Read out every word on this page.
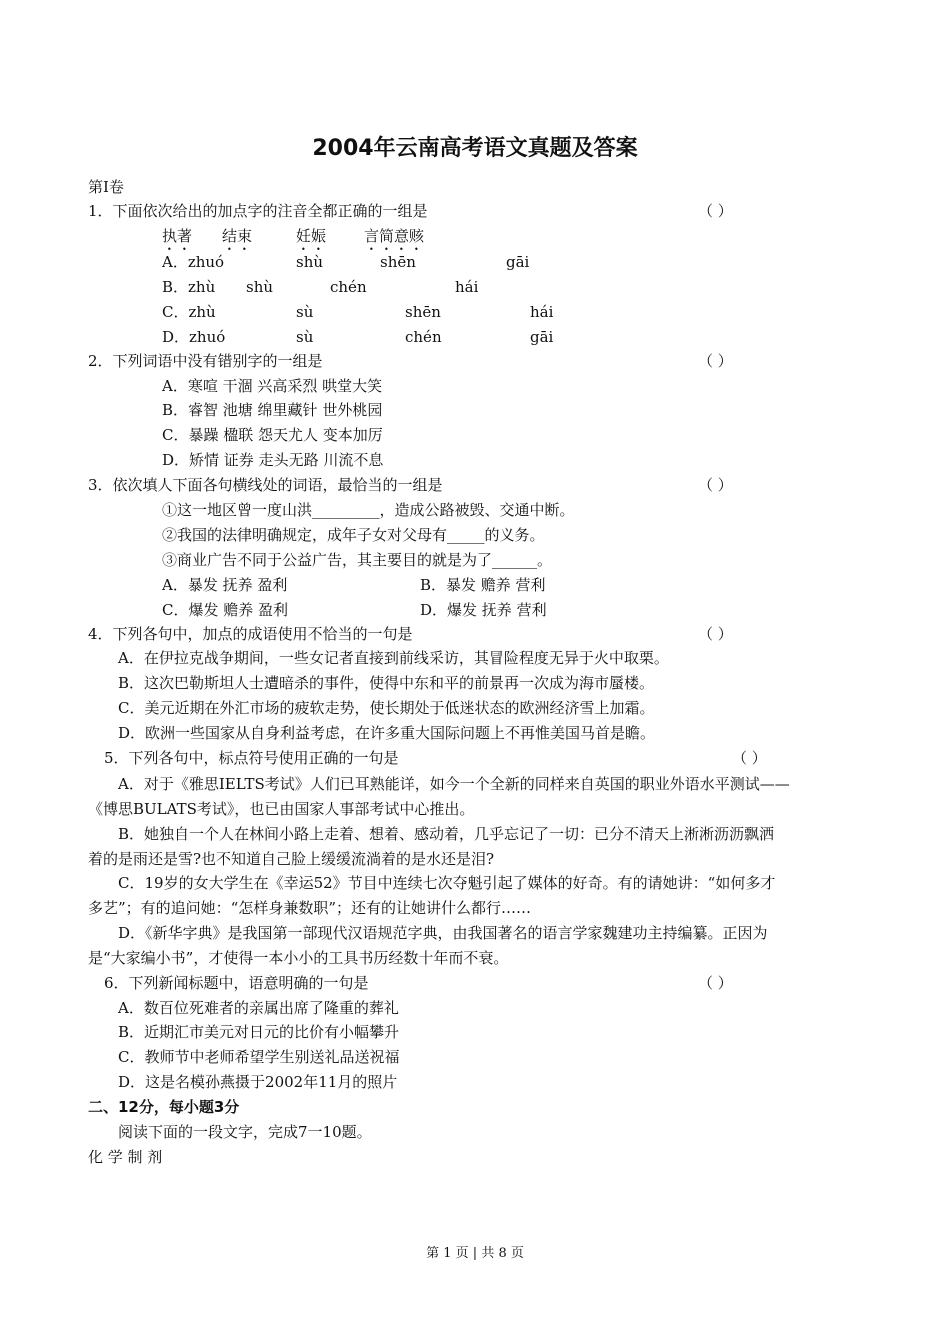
2004年云南高考语文真题及答案
第Ⅰ卷
1．下面依次给出的加点字的注音全都正确的一组是	（ ）
执著 结束	妊娠	言简意赅
A．zhuó	shù	shēn	gāi
B．zhù shù	chén	hái
C．zhù	sù	shēn	hái
D．zhuó	sù	chén	gāi
2．下列词语中没有错别字的一组是	（ ）
A．寒喧 干涸 兴高采烈 哄堂大笑
B．睿智 池塘 绵里藏针 世外桃园
C．暴躁 楹联 怨天尤人 变本加厉
D．矫情 证券 走头无路 川流不息
3．依次填人下面各句横线处的词语，最恰当的一组是	（ ）
①这一地区曾一度山洪_________，造成公路被毁、交通中断。
②我国的法律明确规定，成年子女对父母有_____的义务。
③商业广告不同于公益广告，其主要目的就是为了______。
A．暴发 抚养 盈利	B．暴发 赡养 营利
C．爆发 赡养 盈利	D．爆发 抚养 营利
4．下列各句中，加点的成语使用不恰当的一句是	（ ）
A．在伊拉克战争期间，一些女记者直接到前线采访，其冒险程度无异于火中取栗。
B．这次巴勒斯坦人士遭暗杀的事件，使得中东和平的前景再一次成为海市蜃楼。
C．美元近期在外汇市场的疲软走势，使长期处于低迷状态的欧洲经济雪上加霜。
D．欧洲一些国家从自身利益考虑，在许多重大国际问题上不再惟美国马首是瞻。
5．下列各句中，标点符号使用正确的一句是	（ ）
A．对于《雅思IELTS考试》人们已耳熟能详，如今一个全新的同样来自英国的职业外语水平测试——
《博思BULATS考试》，也已由国家人事部考试中心推出。
B．她独自一个人在林间小路上走着、想着、感动着，几乎忘记了一切：已分不清天上淅淅沥沥飘洒
着的是雨还是雪?也不知道自己脸上缓缓流淌着的是水还是泪?
C．19岁的女大学生在《幸运52》节目中连续七次夺魁引起了媒体的好奇。有的请她讲：“如何多才
多艺”；有的追问她：“怎样身兼数职”；还有的让她讲什么都行……
D．《新华字典》是我国第一部现代汉语规范字典，由我国著名的语言学家魏建功主持编纂。正因为
是“大家编小书”，才使得一本小小的工具书历经数十年而不衰。
6．下列新闻标题中，语意明确的一句是	（ ）
A．数百位死难者的亲属出席了隆重的葬礼
B．近期汇市美元对日元的比价有小幅攀升
C．教师节中老师希望学生别送礼品送祝福
D．这是名模孙燕摄于2002年11月的照片
二、12分，每小题3分
阅读下面的一段文字，完成7一10题。
化 学 制 剂
第 1 页 | 共 8 页
